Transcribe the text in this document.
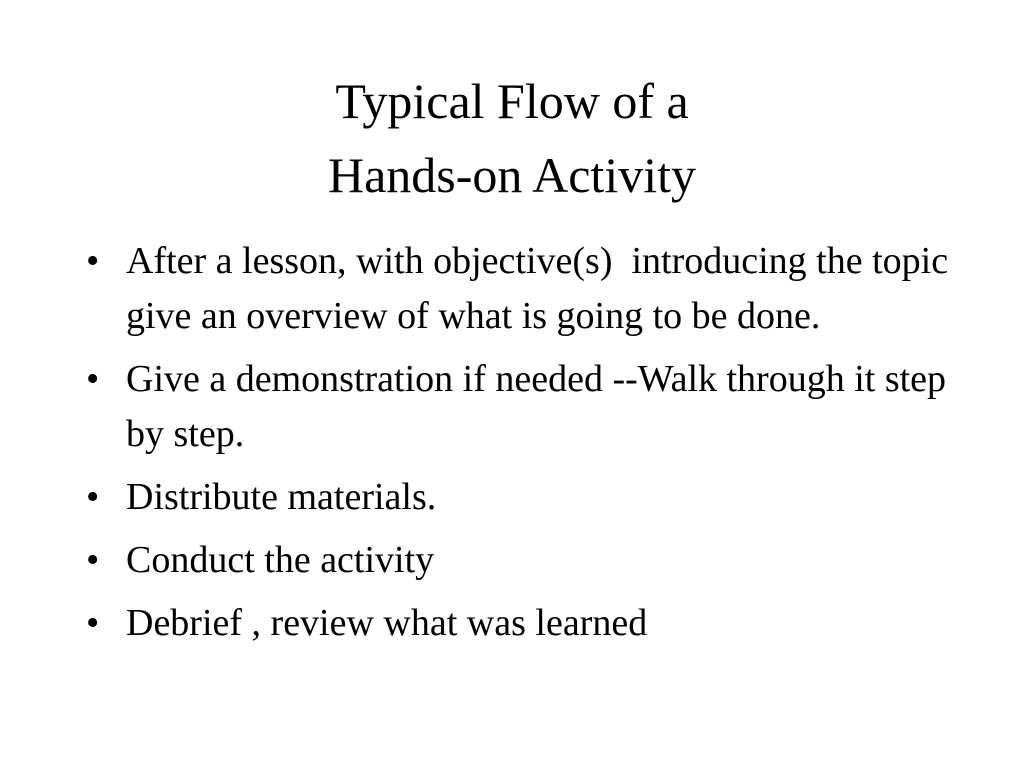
Typical Flow of a
Hands-on Activity
• After a lesson, with objective(s)  introducing the topic give an overview of what is going to be done.
• Give a demonstration if needed --Walk through it step by step.
• Distribute materials.
• Conduct the activity
• Debrief , review what was learned
